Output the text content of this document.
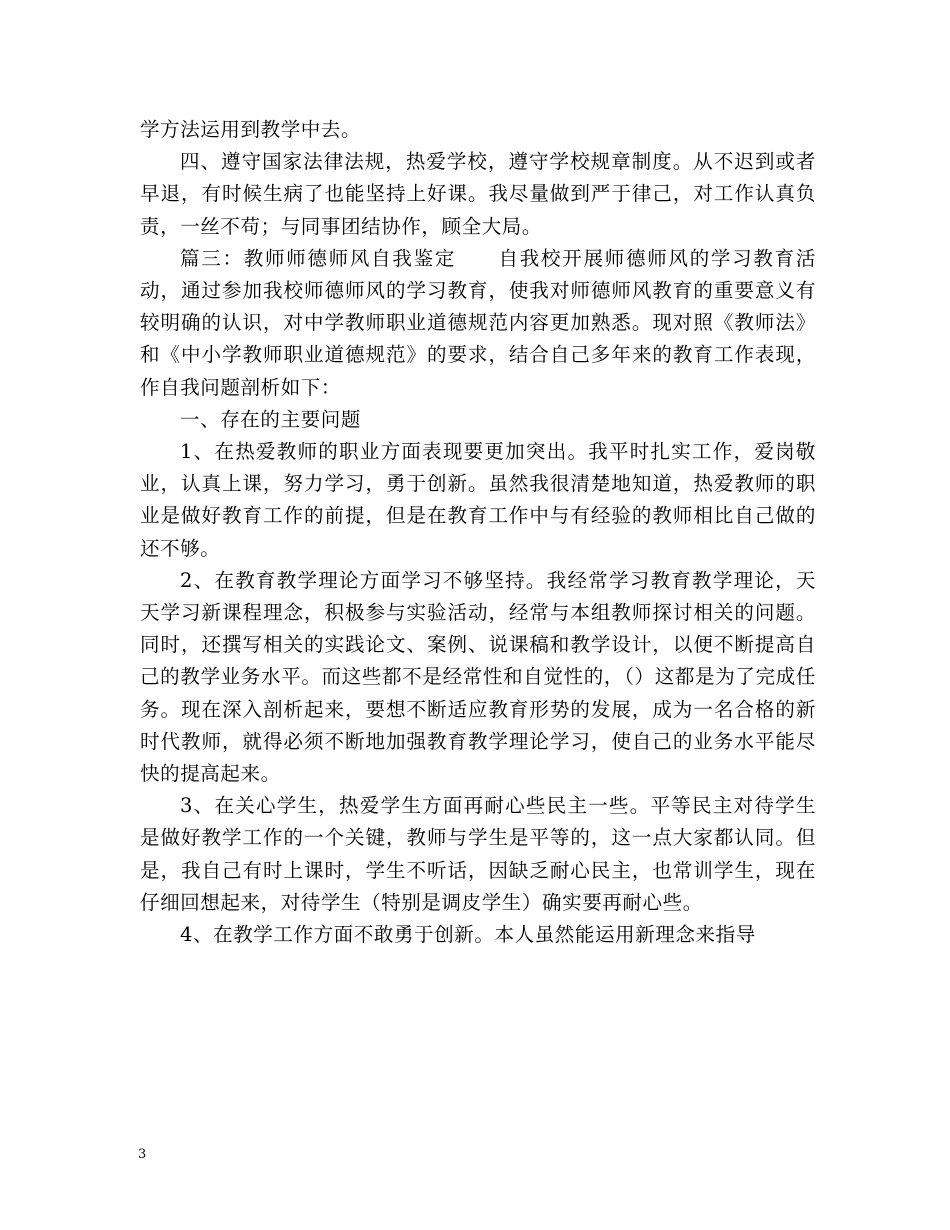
学方法运用到教学中去。

四、遵守国家法律法规，热爱学校，遵守学校规章制度。从不迟到或者早退，有时候生病了也能坚持上好课。我尽量做到严于律己，对工作认真负责，一丝不苟；与同事团结协作，顾全大局。

篇三：教师师德师风自我鉴定　　自我校开展师德师风的学习教育活动，通过参加我校师德师风的学习教育，使我对师德师风教育的重要意义有较明确的认识，对中学教师职业道德规范内容更加熟悉。现对照《教师法》和《中小学教师职业道德规范》的要求，结合自己多年来的教育工作表现，作自我问题剖析如下：

一、存在的主要问题

1、在热爱教师的职业方面表现要更加突出。我平时扎实工作，爱岗敬业，认真上课，努力学习，勇于创新。虽然我很清楚地知道，热爱教师的职业是做好教育工作的前提，但是在教育工作中与有经验的教师相比自己做的还不够。

2、在教育教学理论方面学习不够坚持。我经常学习教育教学理论，天天学习新课程理念，积极参与实验活动，经常与本组教师探讨相关的问题。同时，还撰写相关的实践论文、案例、说课稿和教学设计，以便不断提高自己的教学业务水平。而这些都不是经常性和自觉性的，（）这都是为了完成任务。现在深入剖析起来，要想不断适应教育形势的发展，成为一名合格的新时代教师，就得必须不断地加强教育教学理论学习，使自己的业务水平能尽快的提高起来。

3、在关心学生，热爱学生方面再耐心些民主一些。平等民主对待学生是做好教学工作的一个关键，教师与学生是平等的，这一点大家都认同。但是，我自己有时上课时，学生不听话，因缺乏耐心民主，也常训学生，现在仔细回想起来，对待学生（特别是调皮学生）确实要再耐心些。

4、在教学工作方面不敢勇于创新。本人虽然能运用新理念来指导

3
